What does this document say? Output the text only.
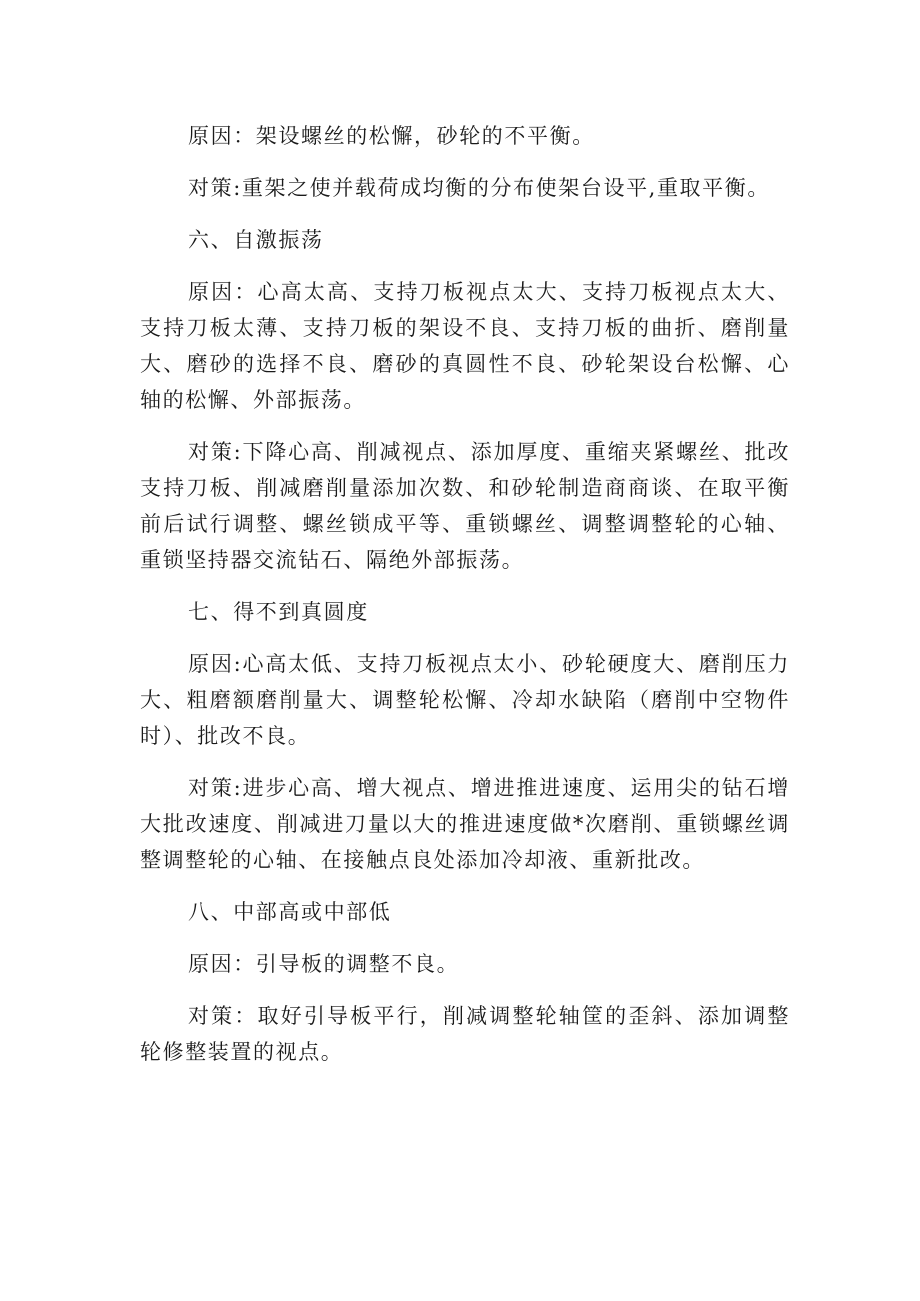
原因：架设螺丝的松懈，砂轮的不平衡。

对策:重架之使并载荷成均衡的分布使架台设平,重取平衡。

六、自激振荡

原因：心高太高、支持刀板视点太大、支持刀板视点太大、支持刀板太薄、支持刀板的架设不良、支持刀板的曲折、磨削量大、磨砂的选择不良、磨砂的真圆性不良、砂轮架设台松懈、心轴的松懈、外部振荡。

对策:下降心高、削减视点、添加厚度、重缩夹紧螺丝、批改支持刀板、削减磨削量添加次数、和砂轮制造商商谈、在取平衡前后试行调整、螺丝锁成平等、重锁螺丝、调整调整轮的心轴、重锁坚持器交流钻石、隔绝外部振荡。

七、得不到真圆度

原因:心高太低、支持刀板视点太小、砂轮硬度大、磨削压力大、粗磨额磨削量大、调整轮松懈、冷却水缺陷（磨削中空物件时）、批改不良。

对策:进步心高、增大视点、增进推进速度、运用尖的钻石增大批改速度、削减进刀量以大的推进速度做*次磨削、重锁螺丝调整调整轮的心轴、在接触点良处添加冷却液、重新批改。

八、中部高或中部低

原因：引导板的调整不良。

对策：取好引导板平行，削减调整轮轴筐的歪斜、添加调整轮修整装置的视点。
